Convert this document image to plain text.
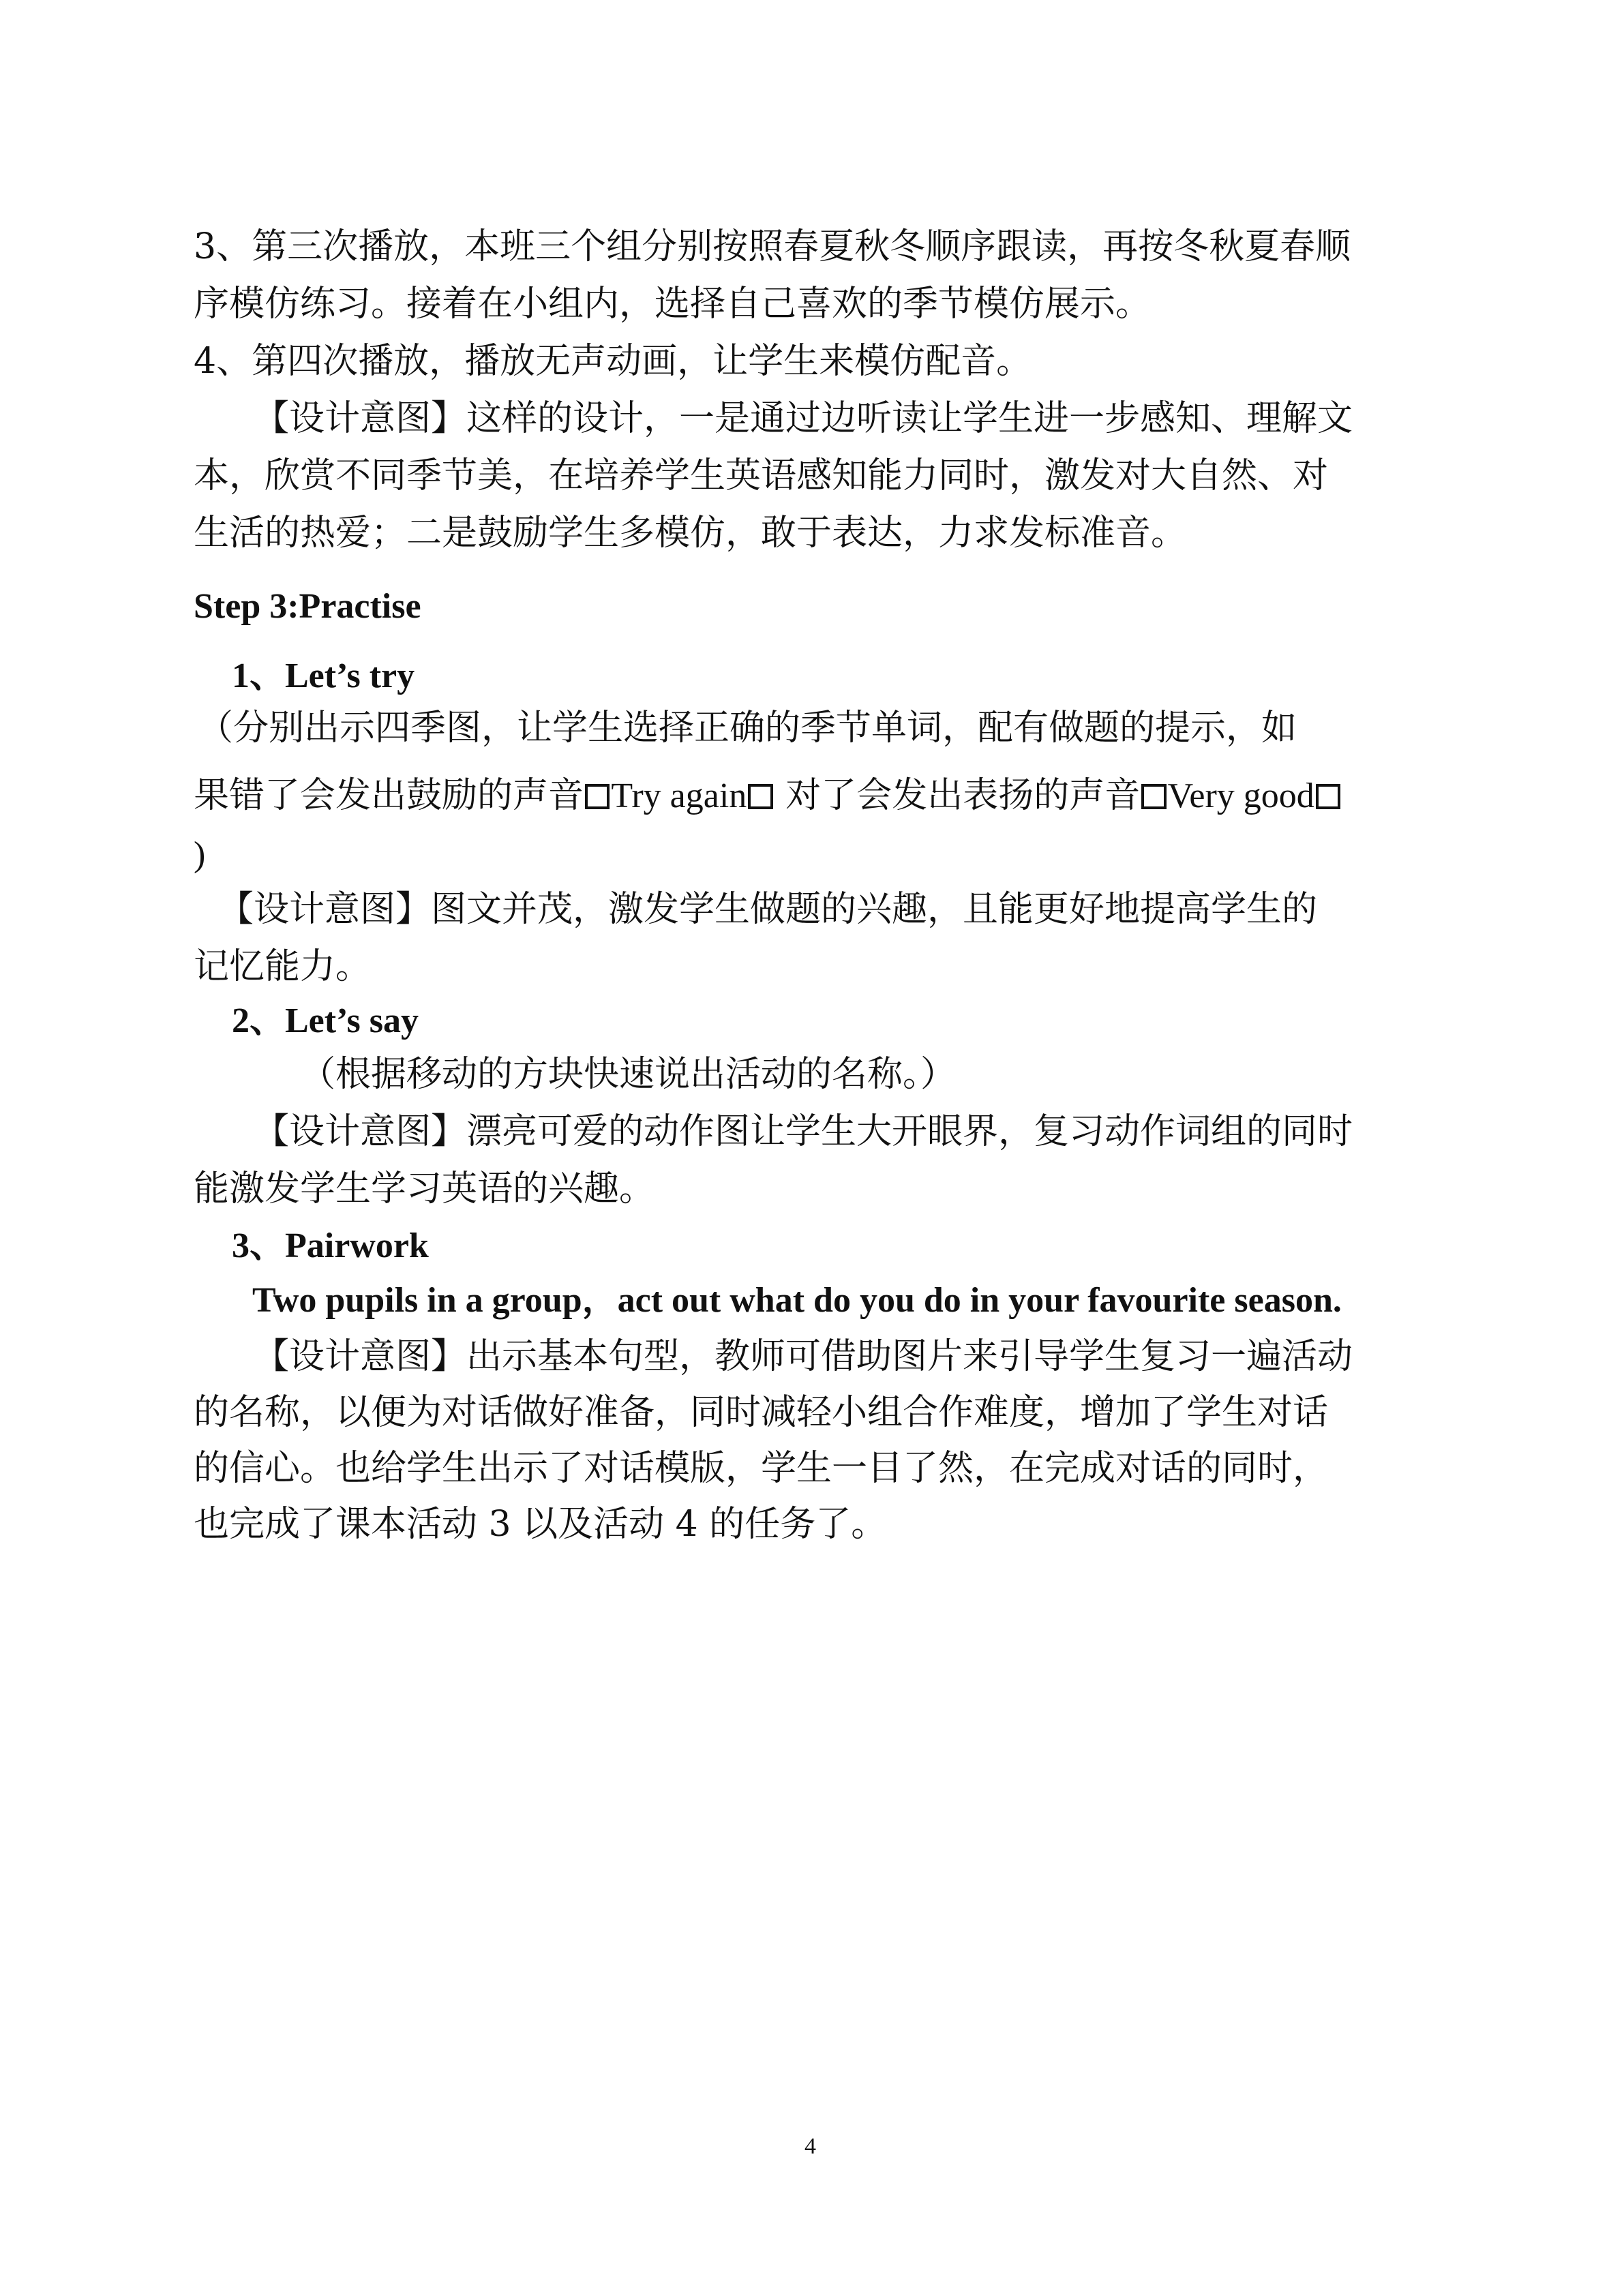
3、第三次播放，本班三个组分别按照春夏秋冬顺序跟读，再按冬秋夏春顺
序模仿练习。接着在小组内，选择自己喜欢的季节模仿展示。
4、第四次播放，播放无声动画，让学生来模仿配音。
【设计意图】这样的设计，一是通过边听读让学生进一步感知、理解文
本，欣赏不同季节美，在培养学生英语感知能力同时，激发对大自然、对
生活的热爱；二是鼓励学生多模仿，敢于表达，力求发标准音。
Step 3:Practise
1、Let’s try
（分别出示四季图，让学生选择正确的季节单词，配有做题的提示，如
果错了会发出鼓励的声音 Try again 对了会发出表扬的声音 Very good
)
【设计意图】图文并茂，激发学生做题的兴趣，且能更好地提高学生的
记忆能力。
2、Let’s say
（根据移动的方块快速说出活动的名称。）
【设计意图】漂亮可爱的动作图让学生大开眼界，复习动作词组的同时
能激发学生学习英语的兴趣。
3、Pairwork
Two pupils in a group，act out what do you do in your favourite season.
【设计意图】出示基本句型，教师可借助图片来引导学生复习一遍活动
的名称，以便为对话做好准备，同时减轻小组合作难度，增加了学生对话
的信心。也给学生出示了对话模版，学生一目了然，在完成对话的同时，
也完成了课本活动 3 以及活动 4 的任务了。
4
